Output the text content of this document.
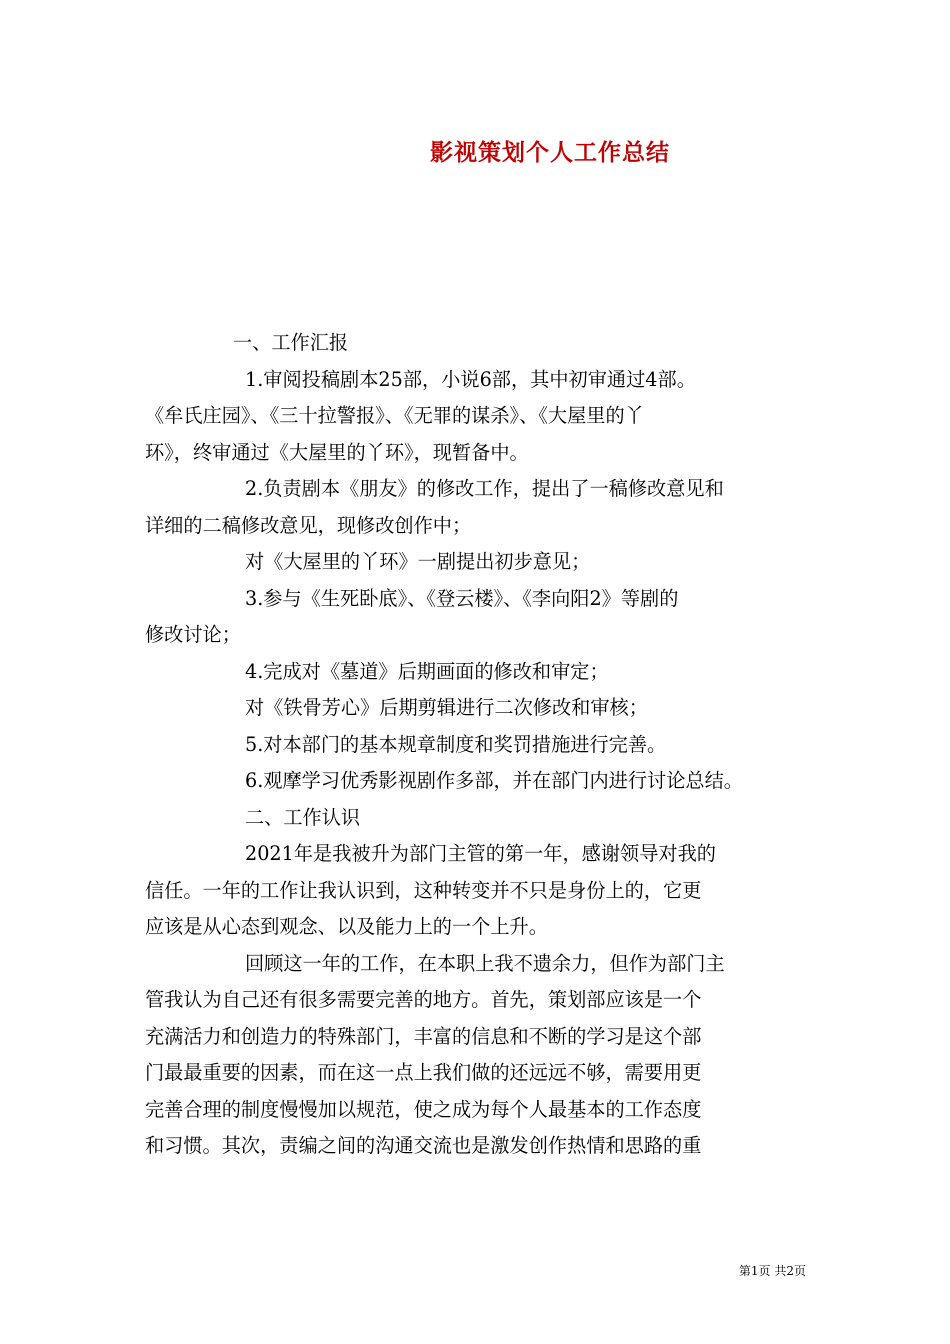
影视策划个人工作总结
一、工作汇报
1.审阅投稿剧本25部，小说6部，其中初审通过4部。
《牟氏庄园》、《三十拉警报》、《无罪的谋杀》、《大屋里的丫
环》，终审通过《大屋里的丫环》，现暂备中。
2.负责剧本《朋友》的修改工作，提出了一稿修改意见和
详细的二稿修改意见，现修改创作中；
对《大屋里的丫环》一剧提出初步意见；
3.参与《生死卧底》、《登云楼》、《李向阳2》等剧的
修改讨论；
4.完成对《墓道》后期画面的修改和审定；
对《铁骨芳心》后期剪辑进行二次修改和审核；
5.对本部门的基本规章制度和奖罚措施进行完善。
6.观摩学习优秀影视剧作多部，并在部门内进行讨论总结。
二、工作认识
2021年是我被升为部门主管的第一年，感谢领导对我的
信任。一年的工作让我认识到，这种转变并不只是身份上的，它更
应该是从心态到观念、以及能力上的一个上升。
回顾这一年的工作，在本职上我不遗余力，但作为部门主
管我认为自己还有很多需要完善的地方。首先，策划部应该是一个
充满活力和创造力的特殊部门，丰富的信息和不断的学习是这个部
门最最重要的因素，而在这一点上我们做的还远远不够，需要用更
完善合理的制度慢慢加以规范，使之成为每个人最基本的工作态度
和习惯。其次，责编之间的沟通交流也是激发创作热情和思路的重
第1页 共2页
